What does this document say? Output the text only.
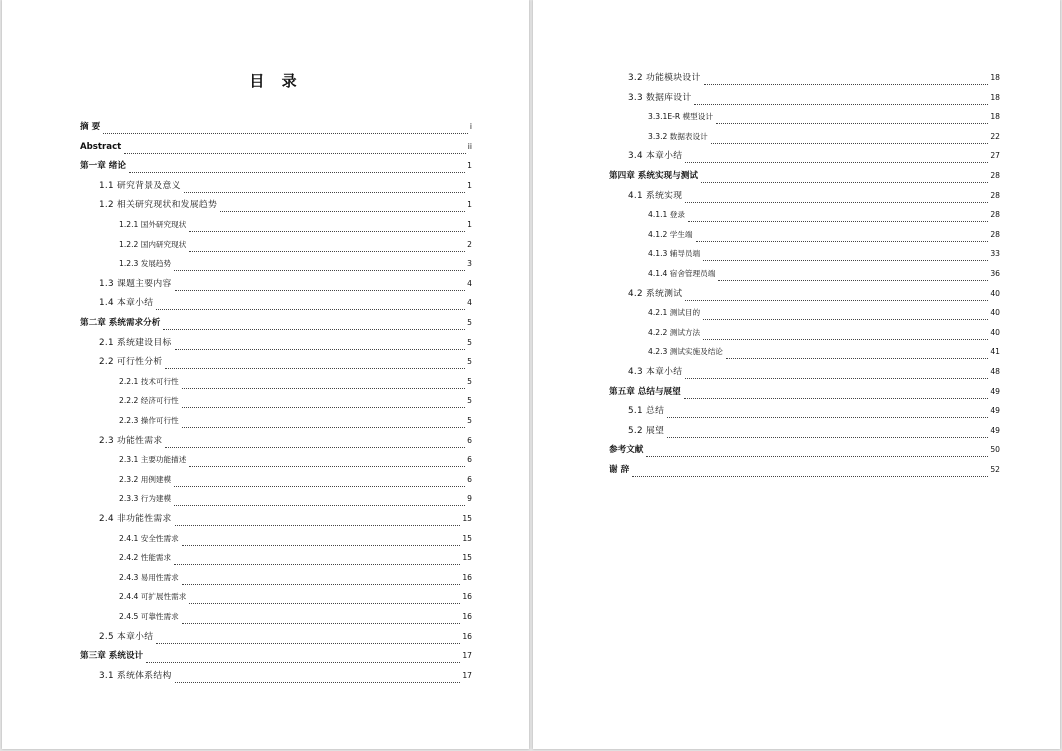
目 录
摘 要	i
Abstract	ii
第一章 绪论	1
1.1 研究背景及意义	1
1.2 相关研究现状和发展趋势	1
1.2.1 国外研究现状	1
1.2.2 国内研究现状	2
1.2.3 发展趋势	3
1.3 课题主要内容	4
1.4 本章小结	4
第二章 系统需求分析	5
2.1 系统建设目标	5
2.2 可行性分析	5
2.2.1 技术可行性	5
2.2.2 经济可行性	5
2.2.3 操作可行性	5
2.3 功能性需求	6
2.3.1 主要功能描述	6
2.3.2 用例建模	6
2.3.3 行为建模	9
2.4 非功能性需求	15
2.4.1 安全性需求	15
2.4.2 性能需求	15
2.4.3 易用性需求	16
2.4.4 可扩展性需求	16
2.4.5 可靠性需求	16
2.5 本章小结	16
第三章 系统设计	17
3.1 系统体系结构	17
3.2 功能模块设计	18
3.3 数据库设计	18
3.3.1E-R 模型设计	18
3.3.2 数据表设计	22
3.4 本章小结	27
第四章 系统实现与测试	28
4.1 系统实现	28
4.1.1 登录	28
4.1.2 学生端	28
4.1.3 辅导员端	33
4.1.4 宿舍管理员端	36
4.2 系统测试	40
4.2.1 测试目的	40
4.2.2 测试方法	40
4.2.3 测试实施及结论	41
4.3 本章小结	48
第五章 总结与展望	49
5.1 总结	49
5.2 展望	49
参考文献	50
谢 辞	52
